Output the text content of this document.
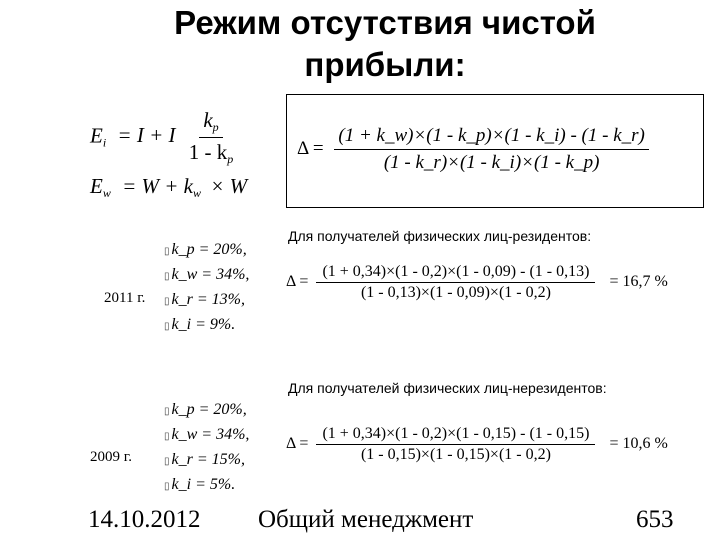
Режим отсутствия чистой прибыли:
$E_i = I + I \frac{k_p}{1 - k_p}$
$E_w = W + k_w \times W$
$\Delta = \frac{(1 + k\_w)\times(1 - k\_p)\times(1 - k\_i) - (1 - k\_r)}{(1 - k\_r)\times(1 - k\_i)\times(1 - k\_p)}$
Для получателей физических лиц-резидентов:
2011 г.
▯ k_p = 20%,
▯ k_w = 34%,
▯ k_r = 13%,
▯ k_i = 9%.
$\Delta = \frac{(1 + 0,34)\times(1 - 0,2)\times(1 - 0,09) - (1 - 0,13)}{(1 - 0,13)\times(1 - 0,09)\times(1 - 0,2)} = 16,7$ %
Для получателей физических лиц-нерезидентов:
2009 г.
▯ k_p = 20%,
▯ k_w = 34%,
▯ k_r = 15%,
▯ k_i = 5%.
$\Delta = \frac{(1 + 0,34)\times(1 - 0,2)\times(1 - 0,15) - (1 - 0,15)}{(1 - 0,15)\times(1 - 0,15)\times(1 - 0,2)} = 10,6$ %
14.10.2012 Общий менеджмент	653
